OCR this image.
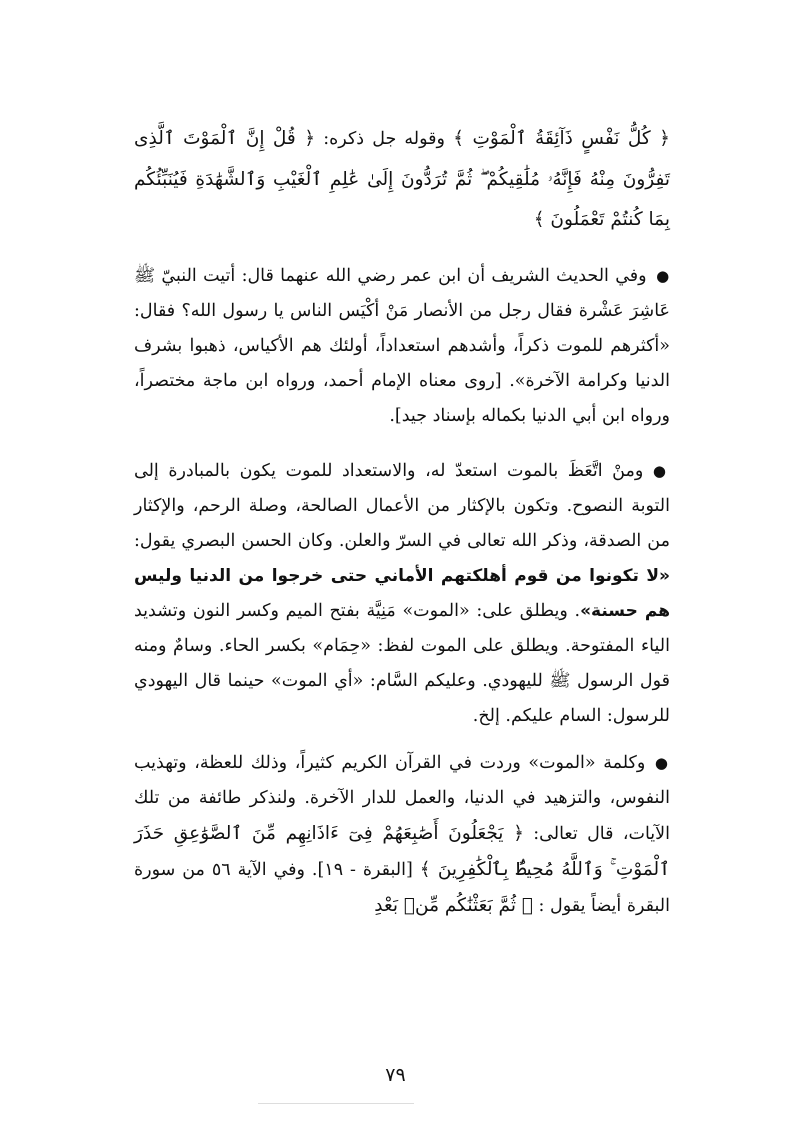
﴿ كُلُّ نَفْسٍ ذَآئِقَةُ ٱلْمَوْتِ ﴾ وقوله جل ذكره: ﴿ قُلْ إِنَّ ٱلْمَوْتَ ٱلَّذِى تَفِرُّونَ مِنْهُ فَإِنَّهُۥ مُلَٰقِيكُمْ ۖ ثُمَّ تُرَدُّونَ إِلَىٰ عَٰلِمِ ٱلْغَيْبِ وَٱلشَّهَٰدَةِ فَيُنَبِّئُكُم بِمَا كُنتُمْ تَعْمَلُونَ ﴾

● وفي الحديث الشريف أن ابن عمر رضي الله عنهما قال: أتيت النبيّ ﷺ عَاشِرَ عَشْرة فقال رجل من الأنصار مَنْ أكْيَس الناس يا رسول الله؟ فقال: «أكثرهم للموت ذكراً، وأشدهم استعداداً، أولئك هم الأكياس، ذهبوا بشرف الدنيا وكرامة الآخرة». [روى معناه الإمام أحمد، ورواه ابن ماجة مختصراً، ورواه ابن أبي الدنيا بكماله بإسناد جيد].

● ومنْ اتَّعَظَ بالموت استعدّ له، والاستعداد للموت يكون بالمبادرة إلى التوبة النصوح. وتكون بالإكثار من الأعمال الصالحة، وصلة الرحم، والإكثار من الصدقة، وذكر الله تعالى في السرّ والعلن. وكان الحسن البصري يقول: «لا تكونوا من قوم أهلكتهم الأماني حتى خرجوا من الدنيا وليس هم حسنة». ويطلق على: «الموت» مَنِيَّة بفتح الميم وكسر النون وتشديد الياء المفتوحة. ويطلق على الموت لفظ: «حِمَام» بكسر الحاء. وسامٌ ومنه قول الرسول ﷺ لليهودي. وعليكم السَّام: «أي الموت» حينما قال اليهودي للرسول: السام عليكم. إلخ.

● وكلمة «الموت» وردت في القرآن الكريم كثيراً، وذلك للعظة، وتهذيب النفوس، والتزهيد في الدنيا، والعمل للدار الآخرة. ولنذكر طائفة من تلك الآيات، قال تعالى: ﴿ يَجْعَلُونَ أَصَٰبِعَهُمْ فِىٓ ءَاذَانِهِم مِّنَ ٱلصَّوَٰعِقِ حَذَرَ ٱلْمَوْتِ ۚ وَٱللَّهُ مُحِيطٌۢ بِٱلْكَٰفِرِينَ ﴾ [البقرة - ١٩]. وفي الآية ٥٦ من سورة البقرة أيضاً يقول : ﴿ ثُمَّ بَعَثْنَٰكُم مِّنۢ بَعْدِ

٧٩
